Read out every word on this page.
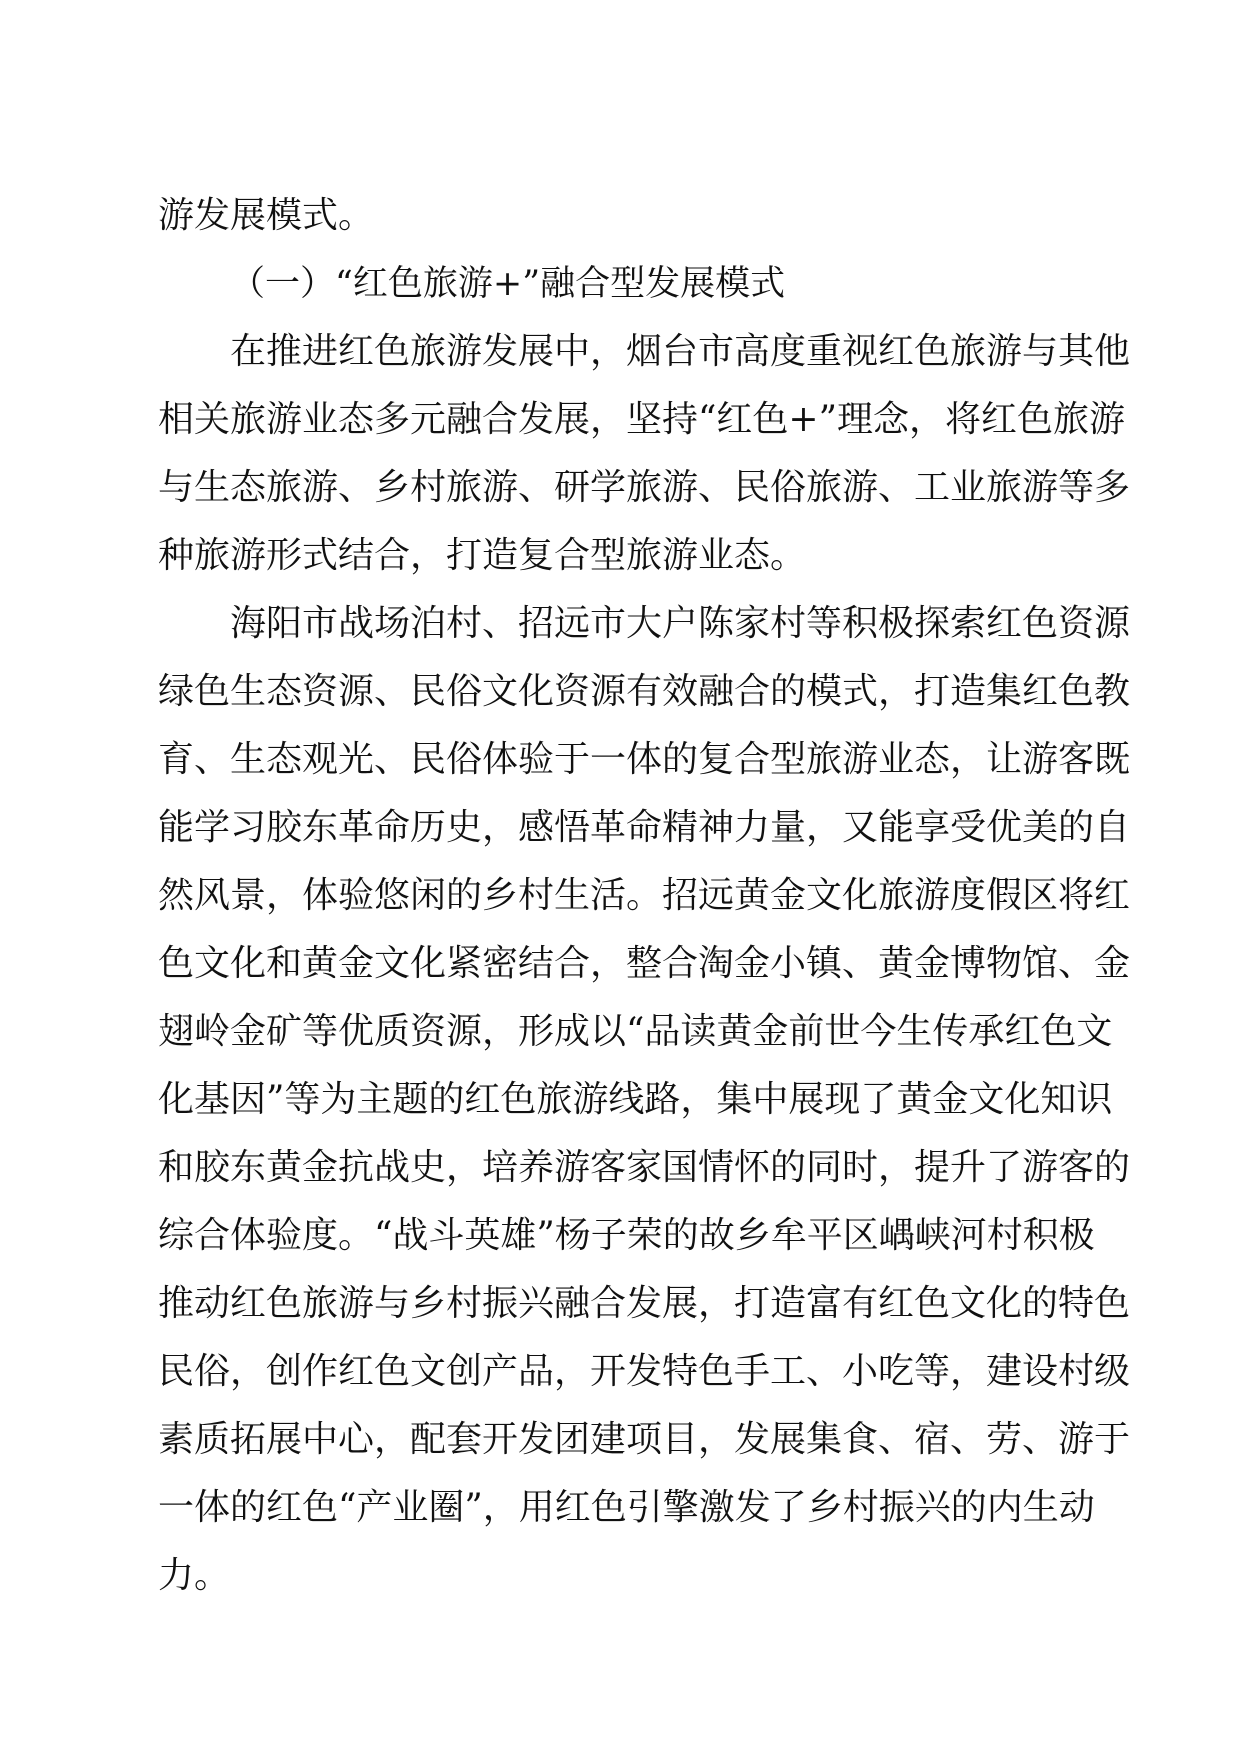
游发展模式。
（一）“红色旅游+”融合型发展模式
在推进红色旅游发展中，烟台市高度重视红色旅游与其他
相关旅游业态多元融合发展，坚持“红色+”理念，将红色旅游
与生态旅游、乡村旅游、研学旅游、民俗旅游、工业旅游等多
种旅游形式结合，打造复合型旅游业态。
海阳市战场泊村、招远市大户陈家村等积极探索红色资源
绿色生态资源、民俗文化资源有效融合的模式，打造集红色教
育、生态观光、民俗体验于一体的复合型旅游业态，让游客既
能学习胶东革命历史，感悟革命精神力量，又能享受优美的自
然风景，体验悠闲的乡村生活。招远黄金文化旅游度假区将红
色文化和黄金文化紧密结合，整合淘金小镇、黄金博物馆、金
翅岭金矿等优质资源，形成以“品读黄金前世今生传承红色文
化基因”等为主题的红色旅游线路，集中展现了黄金文化知识
和胶东黄金抗战史，培养游客家国情怀的同时，提升了游客的
综合体验度。“战斗英雄”杨子荣的故乡牟平区嵎峡河村积极
推动红色旅游与乡村振兴融合发展，打造富有红色文化的特色
民俗，创作红色文创产品，开发特色手工、小吃等，建设村级
素质拓展中心，配套开发团建项目，发展集食、宿、劳、游于
一体的红色“产业圈”，用红色引擎激发了乡村振兴的内生动
力。
